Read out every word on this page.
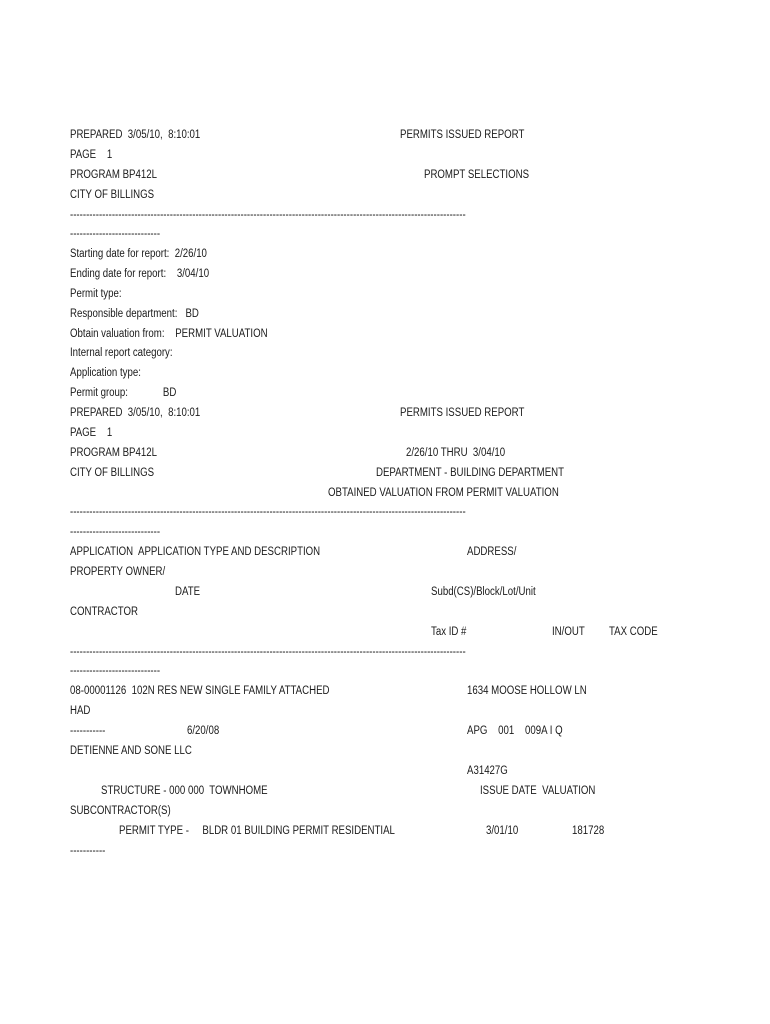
PREPARED  3/05/10,  8:10:01	PERMITS ISSUED REPORT
PAGE    1
PROGRAM BP412L	PROMPT SELECTIONS
CITY OF BILLINGS
---------------------------------------------------------------------------------------------------------------------------
----------------------------
Starting date for report:  2/26/10
Ending date for report:    3/04/10
Permit type:
Responsible department:   BD
Obtain valuation from:    PERMIT VALUATION
Internal report category:
Application type:
Permit group:             BD
PREPARED  3/05/10,  8:10:01	PERMITS ISSUED REPORT
PAGE    1
PROGRAM BP412L	2/26/10 THRU  3/04/10
CITY OF BILLINGS	DEPARTMENT - BUILDING DEPARTMENT
OBTAINED VALUATION FROM PERMIT VALUATION
---------------------------------------------------------------------------------------------------------------------------
----------------------------
APPLICATION  APPLICATION TYPE AND DESCRIPTION	ADDRESS/
PROPERTY OWNER/
DATE	Subd(CS)/Block/Lot/Unit
CONTRACTOR
Tax ID #	IN/OUT TAX CODE
---------------------------------------------------------------------------------------------------------------------------
----------------------------
08-00001126  102N RES NEW SINGLE FAMILY ATTACHED	1634 MOOSE HOLLOW LN
HAD
-----------	6/20/08	APG    001    009A I Q
DETIENNE AND SONE LLC
A31427G
STRUCTURE - 000 000  TOWNHOME	ISSUE DATE  VALUATION
SUBCONTRACTOR(S)
PERMIT TYPE -     BLDR 01 BUILDING PERMIT RESIDENTIAL	3/01/10	181728
-----------
